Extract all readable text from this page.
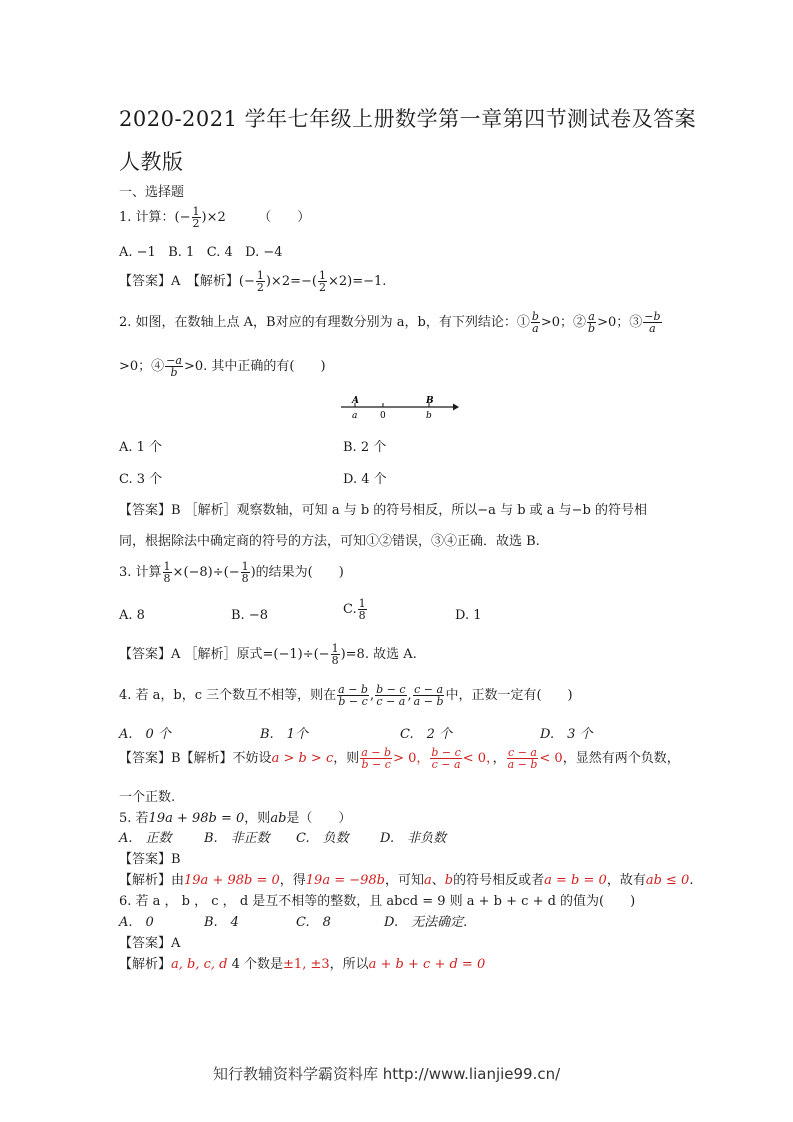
2020-2021 学年七年级上册数学第一章第四节测试卷及答案
人教版
一、选择题
1. 计算：(− $\frac{1}{2} )\times 2$　　　（　　）
A. −1 B. 1 C. 4 D. −4
【答案】A　【解析】(− $\frac{1}{2} )\times 2=-( \frac{1}{2} \times 2)=-1$.
2. 如图，在数轴上点 A，B对应的有理数分别为 a，b，有下列结论：① $\frac{b}{a} >0$；② $\frac{a}{b} >0$；③ $\frac{-b}{a}$
>0；④ $\frac{-a}{b} >0$. 其中正确的有(　　)
A
a	0
B
b
A. 1 个	B. 2 个
C. 3 个	D. 4 个
【答案】B ［解析］观察数轴，可知 a 与 b 的符号相反，所以−a 与 b 或 a 与−b 的符号相
同，根据除法中确定商的符号的方法，可知①②错误，③④正确．故选 B.
3. 计算 $\frac{1}{8} \times(-8)\div(- \frac{1}{8}$ )的结果为(　　)
A. 8	B. −8	C. $\frac{1}{8}$	D. 1
【答案】A ［解析］原式$=(-1)\div(- \frac{1}{8} )=8$. 故选 A.
4. 若 a，b，c 三个数互不相等，则在 $\frac{a - b}{b - c}$ , $\frac{b - c}{c - a}$ , $\frac{c - a}{a - b}$ 中，正数一定有(　　)
A.　0 个	B.　1个	C.　2 个	D.　3 个
【答案】B【解析】不妨设a > b > c，则 $\frac{a - b}{b - c} > 0$， $\frac{b - c}{c - a} < 0$，， $\frac{c - a}{a - b} < 0$，显然有两个负数，
一个正数.
5. 若19a + 98b = 0，则ab是（　　）
A.　正数 B.　非正数 C.　负数 D.　非负数
【答案】B
【解析】由19a + 98b = 0，得19a = −98b，可知a、b的符号相反或者a = b = 0，故有ab ≤ 0.
6. 若 a ， b ， c ， d 是互不相等的整数，且 abcd = 9 则 a + b + c + d 的值为(　　)
A.　0	B.　4	C.　8	D.　无法确定.
【答案】A
【解析】a, b, c, d 4 个数是±1, ±3，所以a + b + c + d = 0
知行教辅资料学霸资料库 http://www.lianjie99.cn/
